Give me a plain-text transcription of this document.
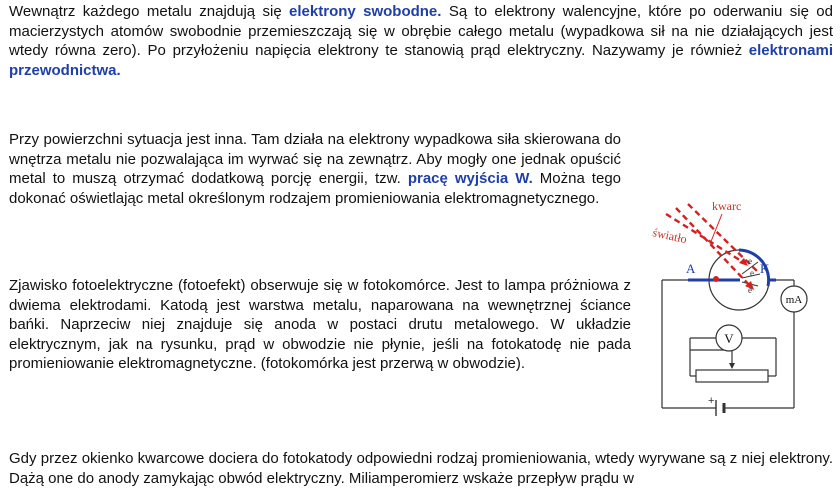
Wewnątrz każdego metalu znajdują się elektrony swobodne. Są to elektrony walencyjne, które po oderwaniu się od macierzystych atomów swobodnie przemieszczają się w obrębie całego metalu (wypadkowa sił na nie działających jest wtedy równa zero). Po przyłożeniu napięcia elektrony te stanowią prąd elektryczny. Nazywamy je również elektronami przewodnictwa.

Przy powierzchni sytuacja jest inna. Tam działa na elektrony wypadkowa siła skierowana do wnętrza metalu nie pozwalająca im wyrwać się na zewnątrz. Aby mogły one jednak opuścić metal to muszą otrzymać dodatkową porcję energii, tzw. pracę wyjścia W. Można tego dokonać oświetlając metal określonym rodzajem promieniowania elektromagnetycznego.

Zjawisko fotoelektryczne (fotoefekt) obserwuje się w fotokomórce. Jest to lampa próżniowa z dwiema elektrodami. Katodą jest warstwa metalu, naparowana na wewnętrznej ściance bańki. Naprzeciw niej znajduje się anoda w postaci drutu metalowego. W układzie elektrycznym, jak na rysunku, prąd w obwodzie nie płynie, jeśli na fotokatodę nie pada promieniowanie elektromagnetyczne. (fotokomórka jest przerwą w obwodzie).

Gdy przez okienko kwarcowe dociera do fotokatody odpowiedni rodzaj promieniowania, wtedy wyrywane są z niej elektrony. Dążą one do anody zamykając obwód elektryczny. Miliamperomierz wskaże przepływ prądu w

+
kwarc
światło
A	K
e
e
e
mA
V
